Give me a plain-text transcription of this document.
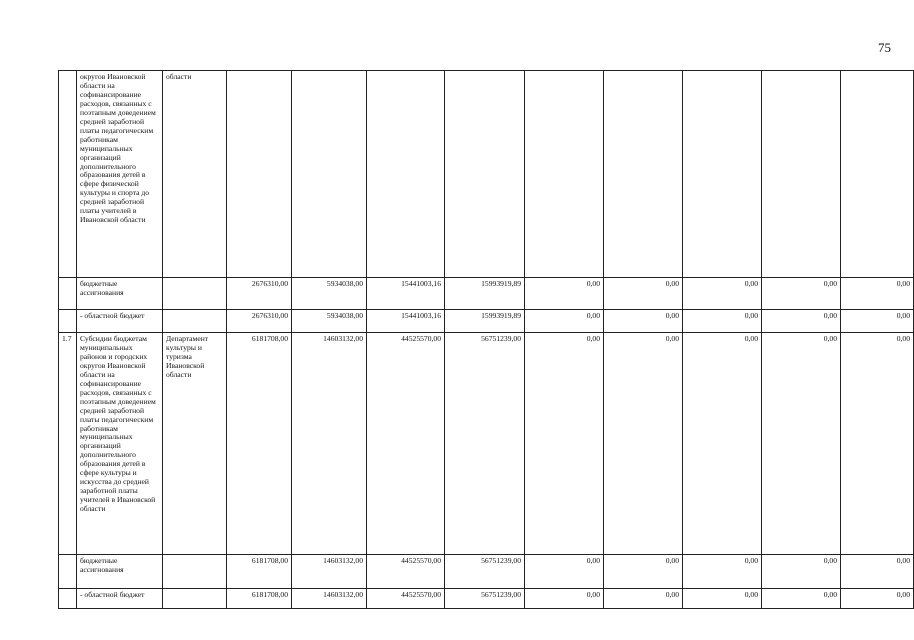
75
	округов Ивановской области на софинансирование расходов, связанных с поэтапным доведением средней заработной платы педагогическим работникам муниципальных организаций дополнительного образования детей в сфере физической культуры и спорта до средней заработной платы учителей в Ивановской области	области									
	бюджетные ассигнования		2676310,00	5934038,00	15441003,16	15993919,89	0,00	0,00	0,00	0,00	0,00
	- областной бюджет		2676310,00	5934038,00	15441003,16	15993919,89	0,00	0,00	0,00	0,00	0,00
1.7	Субсидии бюджетам муниципальных районов и городских округов Ивановской области на софинансирование расходов, связанных с поэтапным доведением средней заработной платы педагогическим работникам муниципальных организаций дополнительного образования детей в сфере культуры и искусства до средней заработной платы учителей в Ивановской области	Департамент культуры и туризма Ивановской области	6181708,00	14603132,00	44525570,00	56751239,00	0,00	0,00	0,00	0,00	0,00
	бюджетные ассигнования		6181708,00	14603132,00	44525570,00	56751239,00	0,00	0,00	0,00	0,00	0,00
	- областной бюджет		6181708,00	14603132,00	44525570,00	56751239,00	0,00	0,00	0,00	0,00	0,00
